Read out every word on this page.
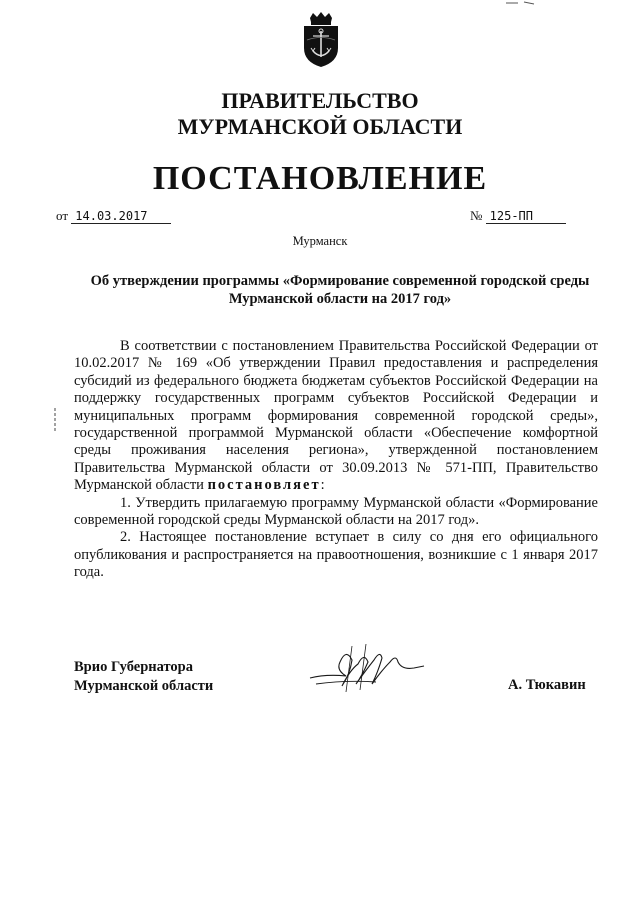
ПРАВИТЕЛЬСТВО
МУРМАНСКОЙ ОБЛАСТИ
ПОСТАНОВЛЕНИЕ
от 14.03.2017	№ 125-ПП
Мурманск
Об утверждении программы «Формирование современной городской среды Мурманской области на 2017 год»

В соответствии с постановлением Правительства Российской Федерации от 10.02.2017 № 169 «Об утверждении Правил предоставления и распределения субсидий из федерального бюджета бюджетам субъектов Российской Федерации на поддержку государственных программ субъектов Российской Федерации и муниципальных программ формирования современной городской среды», государственной программой Мурманской области «Обеспечение комфортной среды проживания населения региона», утвержденной постановлением Правительства Мурманской области от 30.09.2013 № 571-ПП, Правительство Мурманской области постановляет:

1. Утвердить прилагаемую программу Мурманской области «Формирование современной городской среды Мурманской области на 2017 год».

2. Настоящее постановление вступает в силу со дня его официального опубликования и распространяется на правоотношения, возникшие с 1 января 2017 года.

Врио Губернатора
Мурманской области	А. Тюкавин
